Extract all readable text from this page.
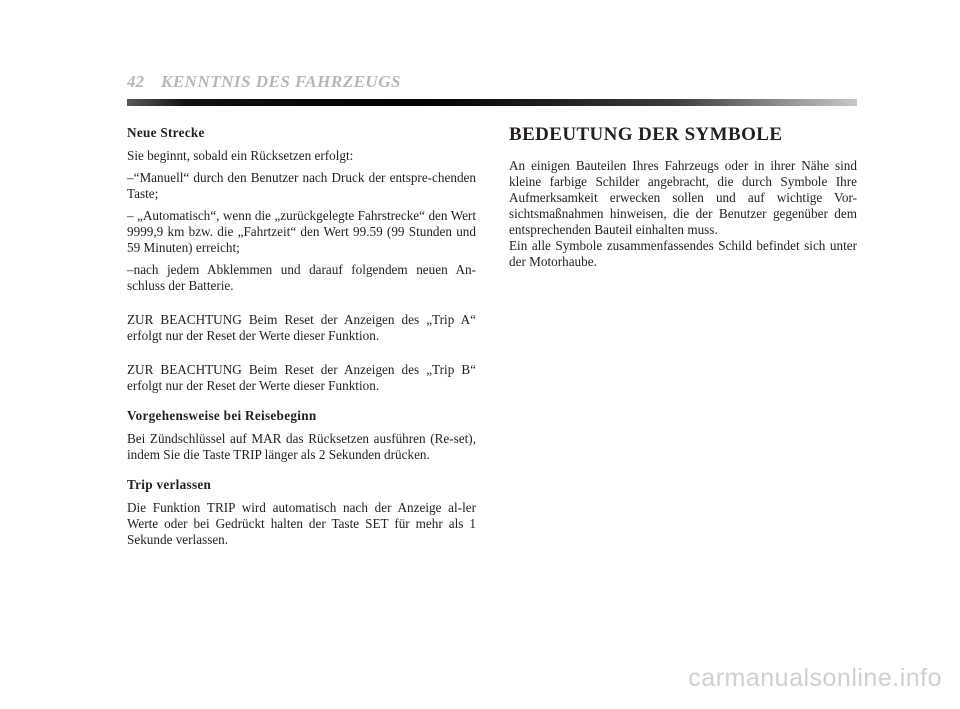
42 KENNTNIS DES FAHRZEUGS
Neue Strecke

Sie beginnt, sobald ein Rücksetzen erfolgt:

–“Manuell“ durch den Benutzer nach Druck der entspre-chenden Taste;

– „Automatisch“, wenn die „zurückgelegte Fahrstrecke“ den Wert 9999,9 km bzw. die „Fahrtzeit“ den Wert 99.59 (99 Stunden und 59 Minuten) erreicht;

–nach jedem Abklemmen und darauf folgendem neuen An-schluss der Batterie.

ZUR BEACHTUNG Beim Reset der Anzeigen des „Trip A“ erfolgt nur der Reset der Werte dieser Funktion.

ZUR BEACHTUNG Beim Reset der Anzeigen des „Trip B“ erfolgt nur der Reset der Werte dieser Funktion.

Vorgehensweise bei Reisebeginn

Bei Zündschlüssel auf MAR das Rücksetzen ausführen (Re-set), indem Sie die Taste TRIP länger als 2 Sekunden drücken.

Trip verlassen

Die Funktion TRIP wird automatisch nach der Anzeige al-ler Werte oder bei Gedrückt halten der Taste SET für mehr als 1 Sekunde verlassen.

BEDEUTUNG DER SYMBOLE

An einigen Bauteilen Ihres Fahrzeugs oder in ihrer Nähe sind kleine farbige Schilder angebracht, die durch Symbole Ihre Aufmerksamkeit erwecken sollen und auf wichtige Vor-sichtsmaßnahmen hinweisen, die der Benutzer gegenüber dem entsprechenden Bauteil einhalten muss.

Ein alle Symbole zusammenfassendes Schild befindet sich unter der Motorhaube.

carmanualsonline.info
